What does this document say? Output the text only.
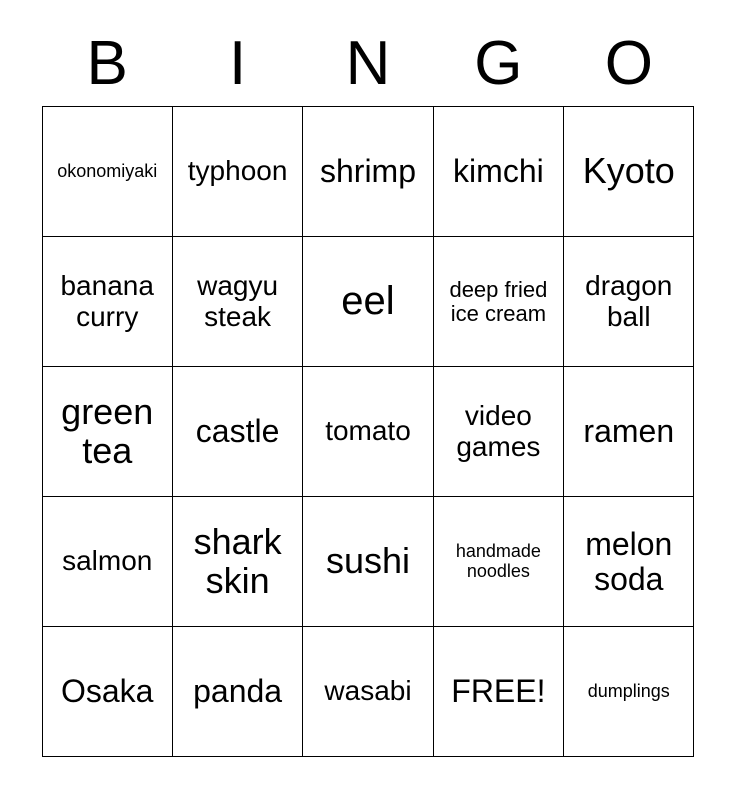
B	I	N	G	O
okonomiyaki	typhoon	shrimp	kimchi	Kyoto
banana curry	wagyu steak	eel	deep fried ice cream	dragon ball
green tea	castle	tomato	video games	ramen
salmon	shark skin	sushi	handmade noodles	melon soda
Osaka	panda	wasabi	FREE!	dumplings
